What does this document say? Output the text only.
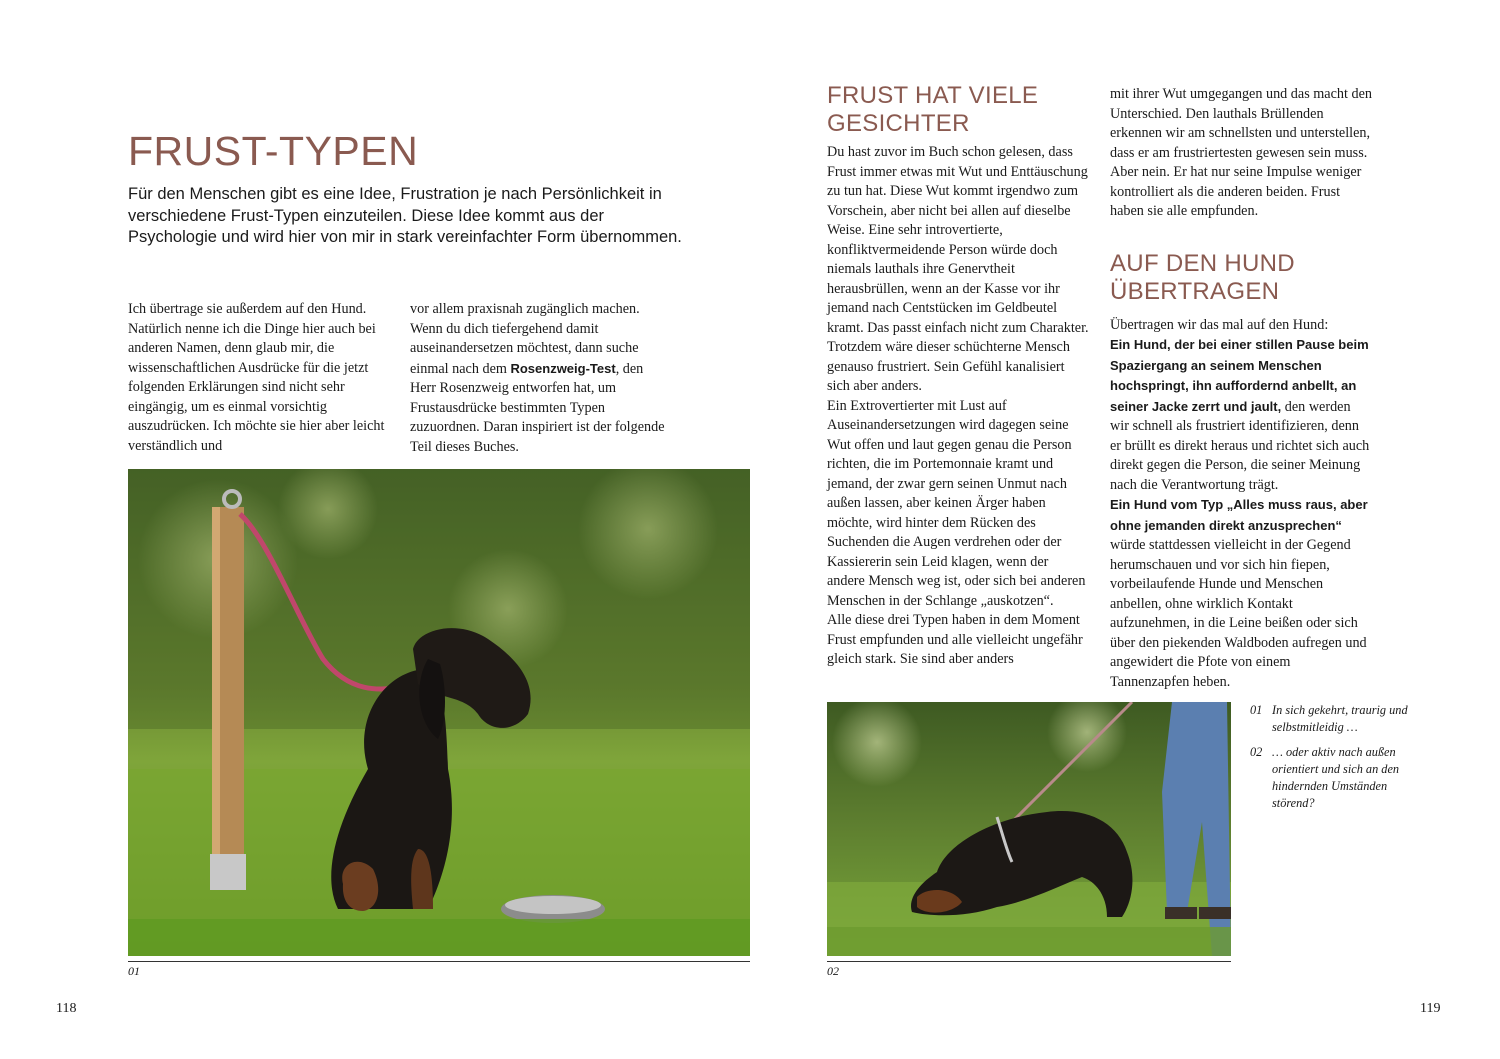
FRUST-TYPEN

Für den Menschen gibt es eine Idee, Frustration je nach Persönlichkeit in verschiedene Frust-Typen einzuteilen. Diese Idee kommt aus der Psychologie und wird hier von mir in stark vereinfachter Form übernommen.

Ich übertrage sie außerdem auf den Hund. Natürlich nenne ich die Dinge hier auch bei anderen Namen, denn glaub mir, die wissenschaftlichen Ausdrücke für die jetzt folgenden Erklärungen sind nicht sehr eingängig, um es einmal vorsichtig auszudrücken. Ich möchte sie hier aber leicht verständlich und

vor allem praxisnah zugänglich machen. Wenn du dich tiefergehend damit auseinandersetzen möchtest, dann suche einmal nach dem Rosenzweig-Test, den Herr Rosenzweig entworfen hat, um Frustausdrücke bestimmten Typen zuzuordnen. Daran inspiriert ist der folgende Teil dieses Buches.

01
118
FRUST HAT VIELE
GESICHTER

Du hast zuvor im Buch schon gelesen, dass Frust immer etwas mit Wut und Enttäuschung zu tun hat. Diese Wut kommt irgendwo zum Vorschein, aber nicht bei allen auf dieselbe Weise. Eine sehr introvertierte, konfliktvermeidende Person würde doch niemals lauthals ihre Genervtheit herausbrüllen, wenn an der Kasse vor ihr jemand nach Centstücken im Geldbeutel kramt. Das passt einfach nicht zum Charakter. Trotzdem wäre dieser schüchterne Mensch genauso frustriert. Sein Gefühl kanalisiert sich aber anders.

Ein Extrovertierter mit Lust auf Auseinandersetzungen wird dagegen seine Wut offen und laut gegen genau die Person richten, die im Portemonnaie kramt und jemand, der zwar gern seinen Unmut nach außen lassen, aber keinen Ärger haben möchte, wird hinter dem Rücken des Suchenden die Augen verdrehen oder der Kassiererin sein Leid klagen, wenn der andere Mensch weg ist, oder sich bei anderen Menschen in der Schlange „auskotzen“.

Alle diese drei Typen haben in dem Moment Frust empfunden und alle vielleicht ungefähr gleich stark. Sie sind aber anders

mit ihrer Wut umgegangen und das macht den Unterschied. Den lauthals Brüllenden erkennen wir am schnellsten und unterstellen, dass er am frustriertesten gewesen sein muss. Aber nein. Er hat nur seine Impulse weniger kontrolliert als die anderen beiden. Frust haben sie alle empfunden.

AUF DEN HUND
ÜBERTRAGEN

Übertragen wir das mal auf den Hund:
Ein Hund, der bei einer stillen Pause beim Spaziergang an seinem Menschen hochspringt, ihn auffordernd anbellt, an seiner Jacke zerrt und jault, den werden wir schnell als frustriert identifizieren, denn er brüllt es direkt heraus und richtet sich auch direkt gegen die Person, die seiner Meinung nach die Verantwortung trägt.

Ein Hund vom Typ „Alles muss raus, aber ohne jemanden direkt anzusprechen“ würde stattdessen vielleicht in der Gegend herumschauen und vor sich hin fiepen, vorbeilaufende Hunde und Menschen anbellen, ohne wirklich Kontakt aufzunehmen, in die Leine beißen oder sich über den piekenden Waldboden aufregen und angewidert die Pfote von einem Tannenzapfen heben.

02
01 In sich gekehrt, traurig und selbstmitleidig …
02 … oder aktiv nach außen orientiert und sich an den hindernden Umständen störend?
119
